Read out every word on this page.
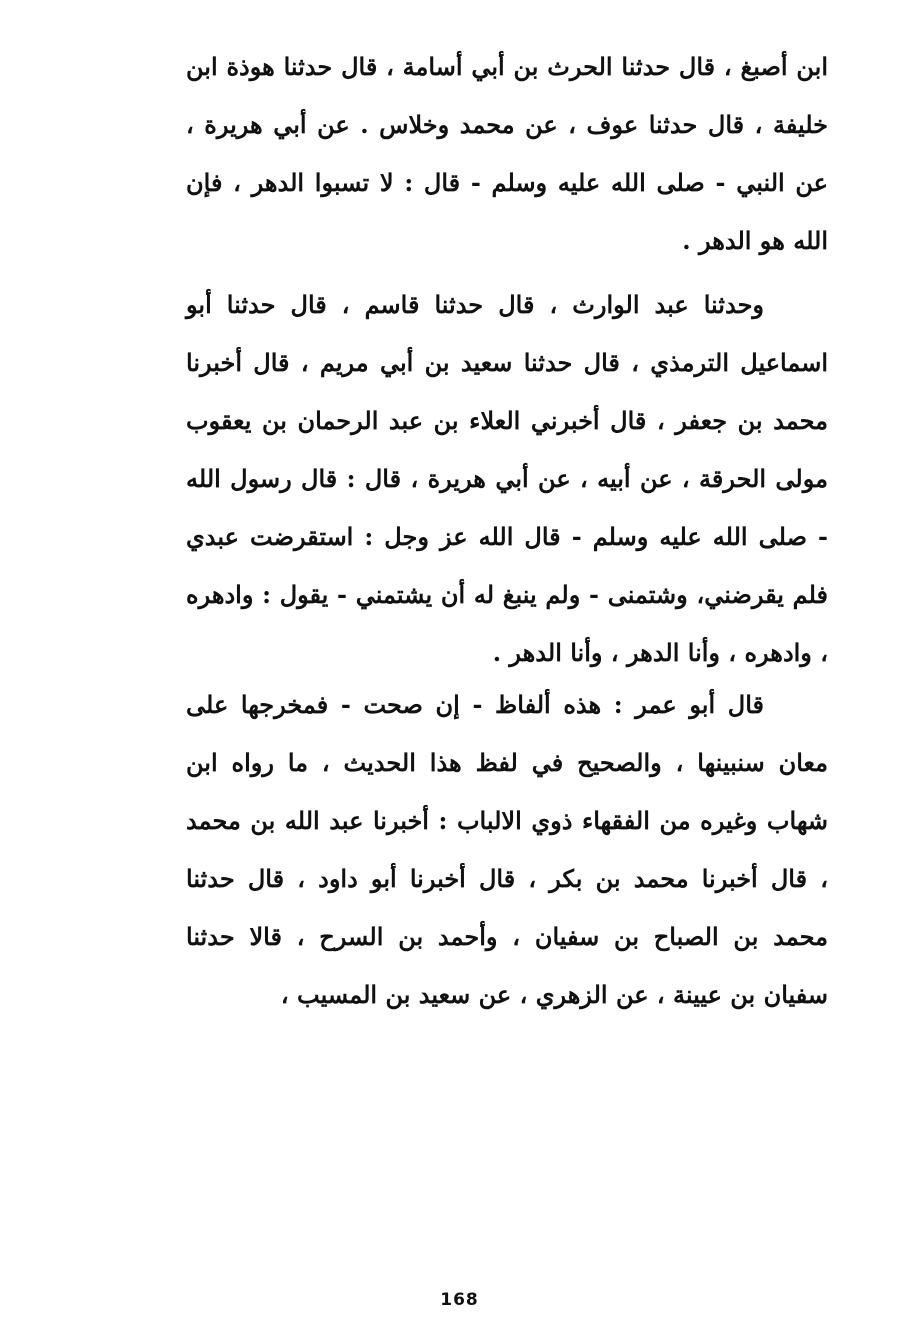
ابن أصبغ ، قال حدثنا الحرث بن أبي أسامة ، قال حدثنا هوذة ابن خليفة ، قال حدثنا عوف ، عن محمد وخلاس . عن أبي هريرة ، عن النبي - صلى الله عليه وسلم - قال : لا تسبوا الدهر ، فإن الله هو الدهر .

وحدثنا عبد الوارث ، قال حدثنا قاسم ، قال حدثنا أبو اسماعيل الترمذي ، قال حدثنا سعيد بن أبي مريم ، قال أخبرنا محمد بن جعفر ، قال أخبرني العلاء بن عبد الرحمان بن يعقوب مولى الحرقة ، عن أبيه ، عن أبي هريرة ، قال : قال رسول الله - صلى الله عليه وسلم - قال الله عز وجل : استقرضت عبدي فلم يقرضني، وشتمنى - ولم ينبغ له أن يشتمني - يقول : وادهره ، وادهره ، وأنا الدهر ، وأنا الدهر .

قال أبو عمر : هذه ألفاظ - إن صحت - فمخرجها على معان سنبينها ، والصحيح في لفظ هذا الحديث ، ما رواه ابن شهاب وغيره من الفقهاء ذوي الالباب : أخبرنا عبد الله بن محمد ، قال أخبرنا محمد بن بكر ، قال أخبرنا أبو داود ، قال حدثنا محمد بن الصباح بن سفيان ، وأحمد بن السرح ، قالا حدثنا سفيان بن عيينة ، عن الزهري ، عن سعيد بن المسيب ،

168
